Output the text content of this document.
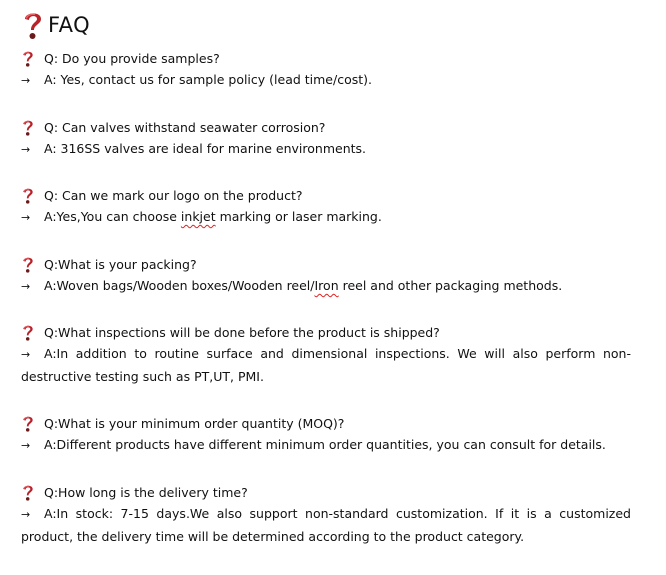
FAQ
Q: Do you provide samples?
→ A: Yes, contact us for sample policy (lead time/cost).
Q: Can valves withstand seawater corrosion?
→ A: 316SS valves are ideal for marine environments.
Q: Can we mark our logo on the product?
→ A:Yes,You can choose inkjet marking or laser marking.
Q:What is your packing?
→ A:Woven bags/Wooden boxes/Wooden reel/Iron reel and other packaging methods.
Q:What inspections will be done before the product is shipped?
→ A:In addition to routine surface and dimensional inspections. We will also perform non-destructive testing such as PT,UT, PMI.
Q:What is your minimum order quantity (MOQ)?
→ A:Different products have different minimum order quantities, you can consult for details.
Q:How long is the delivery time?
→ A:In stock: 7-15 days.We also support non-standard customization. If it is a customized product, the delivery time will be determined according to the product category.
